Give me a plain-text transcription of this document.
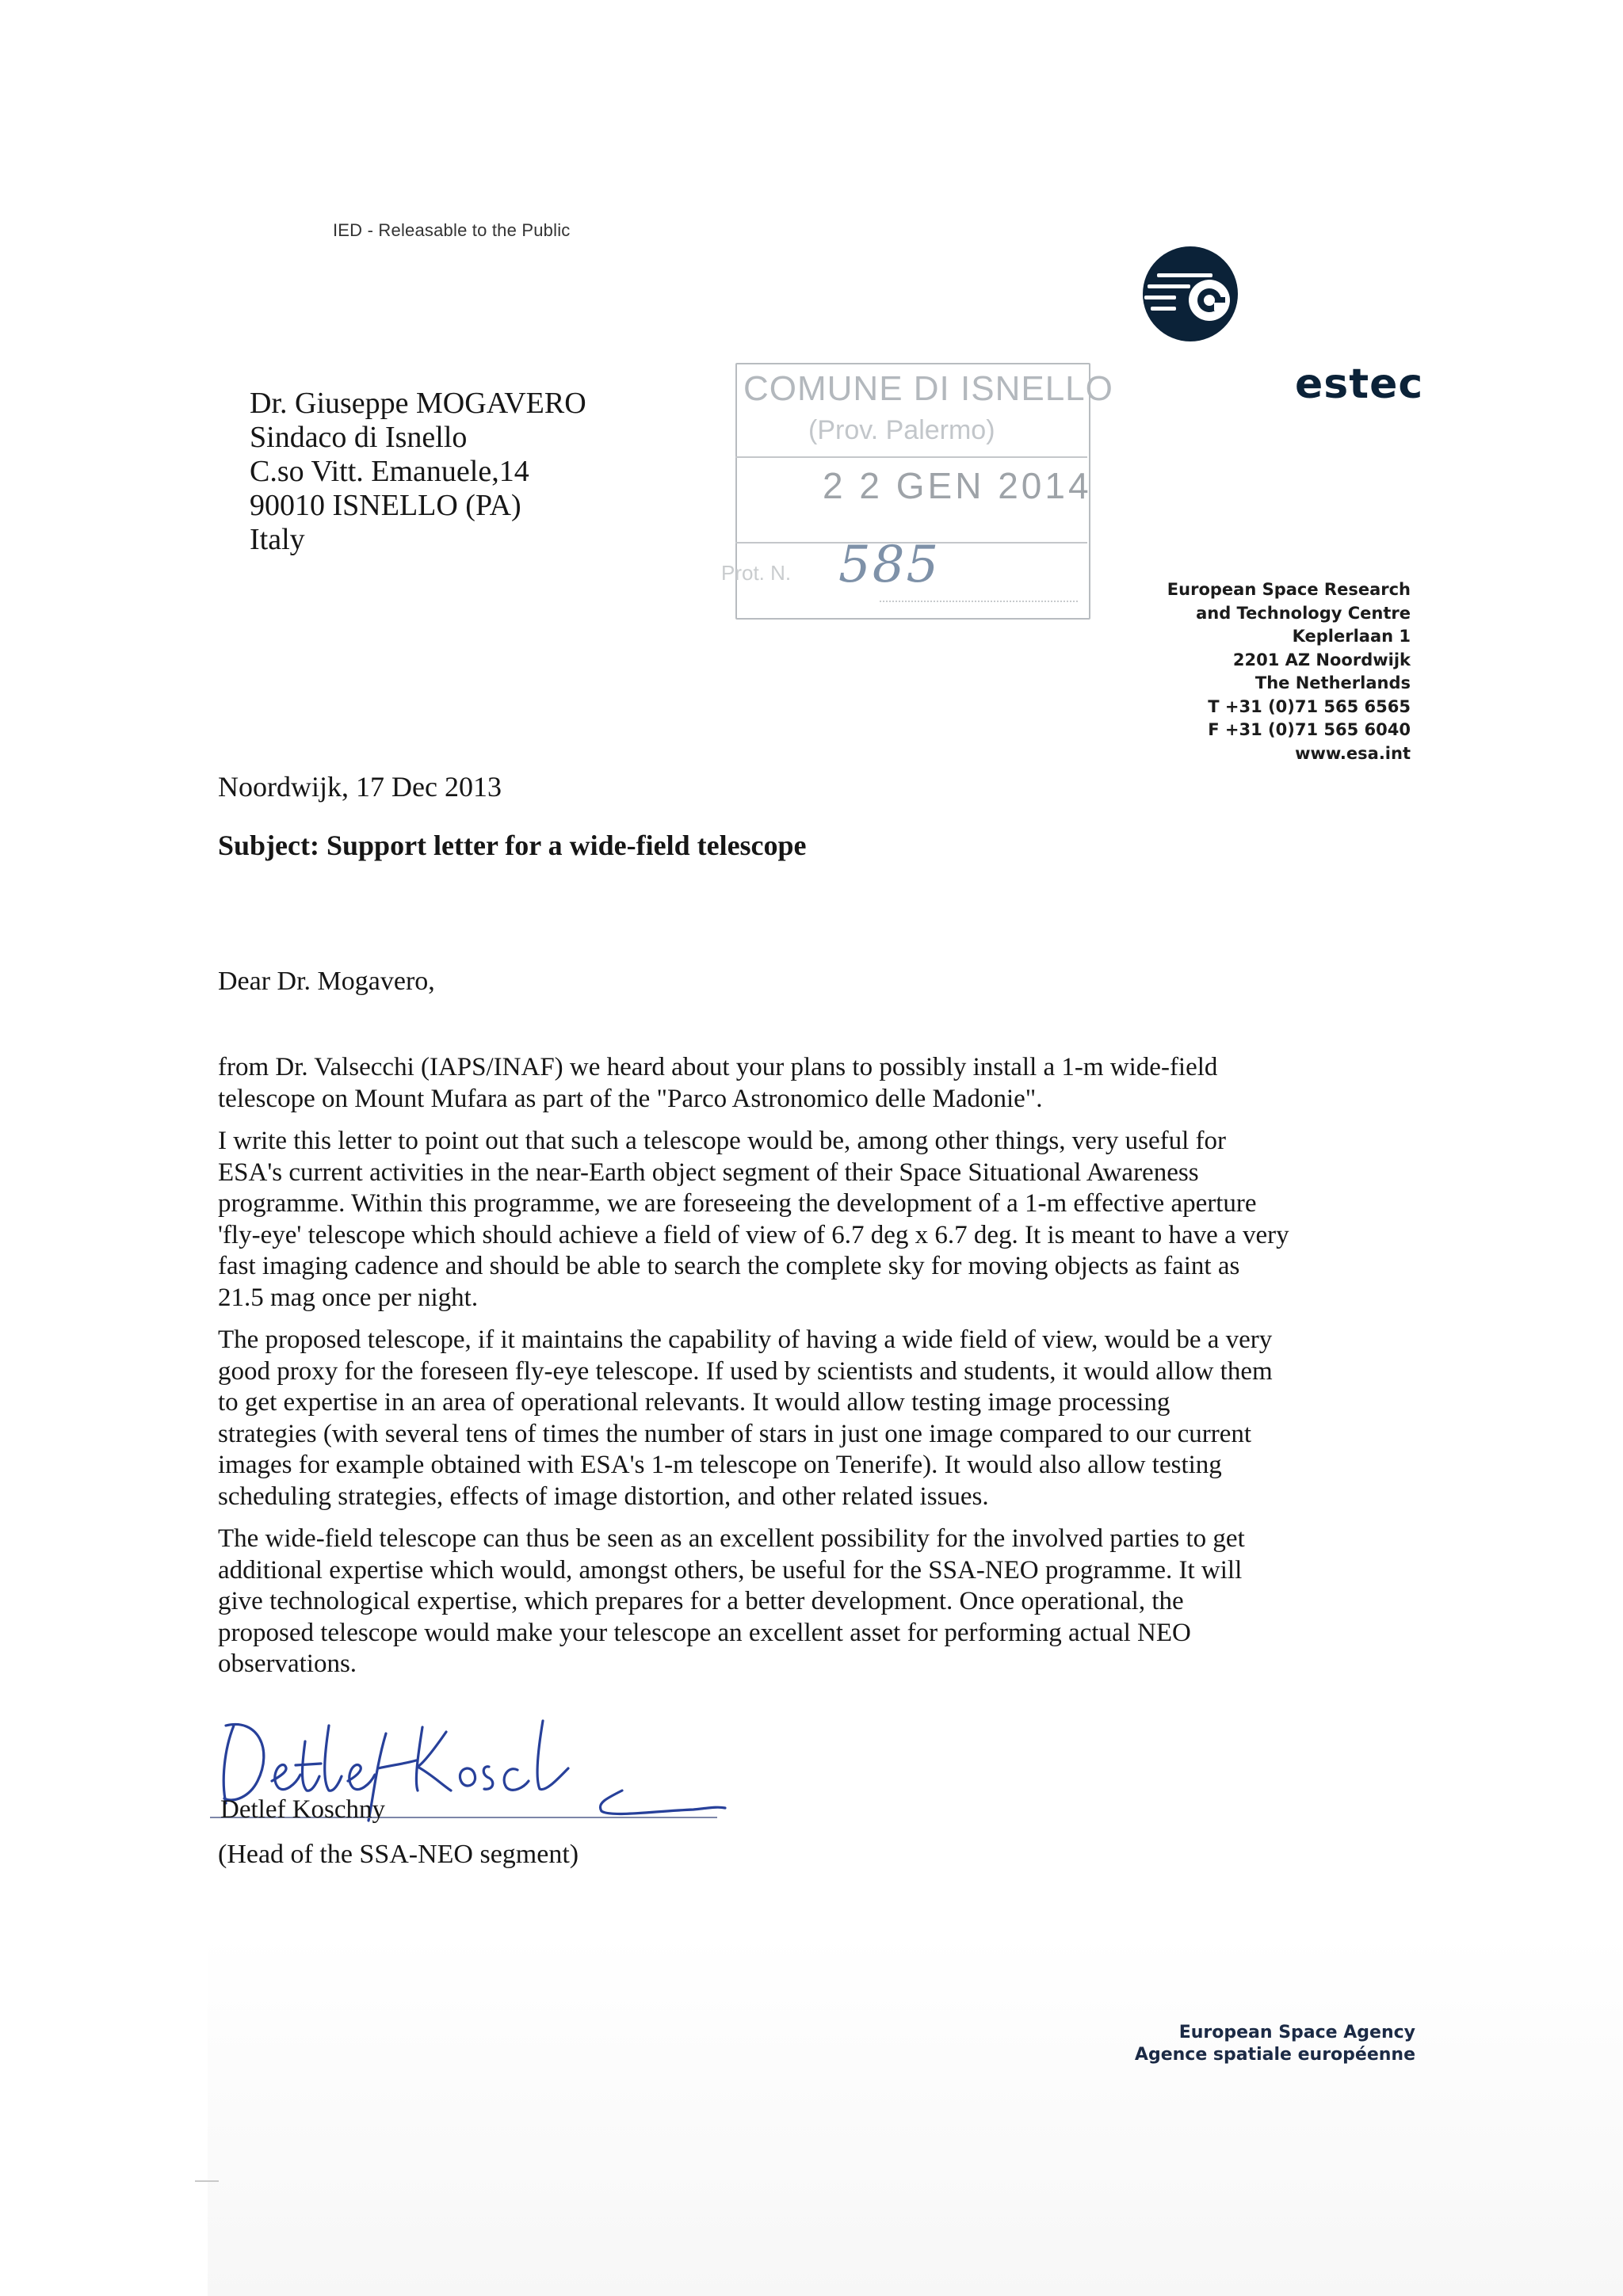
IED - Releasable to the Public
estec
Dr. Giuseppe MOGAVERO
Sindaco di Isnello
C.so Vitt. Emanuele,14
90010 ISNELLO (PA)
Italy
COMUNE DI ISNELLO
(Prov. Palermo)
2 2 GEN 2014
Prot. N. 585	European Space Research
and Technology Centre
Keplerlaan 1
2201 AZ Noordwijk
The Netherlands
T +31 (0)71 565 6565
F +31 (0)71 565 6040
www.esa.int
Noordwijk, 17 Dec 2013
Subject: Support letter for a wide-field telescope
Dear Dr. Mogavero,
from Dr. Valsecchi (IAPS/INAF) we heard about your plans to possibly install a 1-m wide-field
telescope on Mount Mufara as part of the "Parco Astronomico delle Madonie".
I write this letter to point out that such a telescope would be, among other things, very useful for
ESA's current activities in the near-Earth object segment of their Space Situational Awareness
programme. Within this programme, we are foreseeing the development of a 1-m effective aperture
'fly-eye' telescope which should achieve a field of view of 6.7 deg x 6.7 deg. It is meant to have a very
fast imaging cadence and should be able to search the complete sky for moving objects as faint as
21.5 mag once per night.
The proposed telescope, if it maintains the capability of having a wide field of view, would be a very
good proxy for the foreseen fly-eye telescope. If used by scientists and students, it would allow them
to get expertise in an area of operational relevants. It would allow testing image processing
strategies (with several tens of times the number of stars in just one image compared to our current
images for example obtained with ESA's 1-m telescope on Tenerife). It would also allow testing
scheduling strategies, effects of image distortion, and other related issues.
The wide-field telescope can thus be seen as an excellent possibility for the involved parties to get
additional expertise which would, amongst others, be useful for the SSA-NEO programme. It will
give technological expertise, which prepares for a better development. Once operational, the
proposed telescope would make your telescope an excellent asset for performing actual NEO
observations.
Detlef Koschny
(Head of the SSA-NEO segment)
European Space Agency
Agence spatiale européenne
